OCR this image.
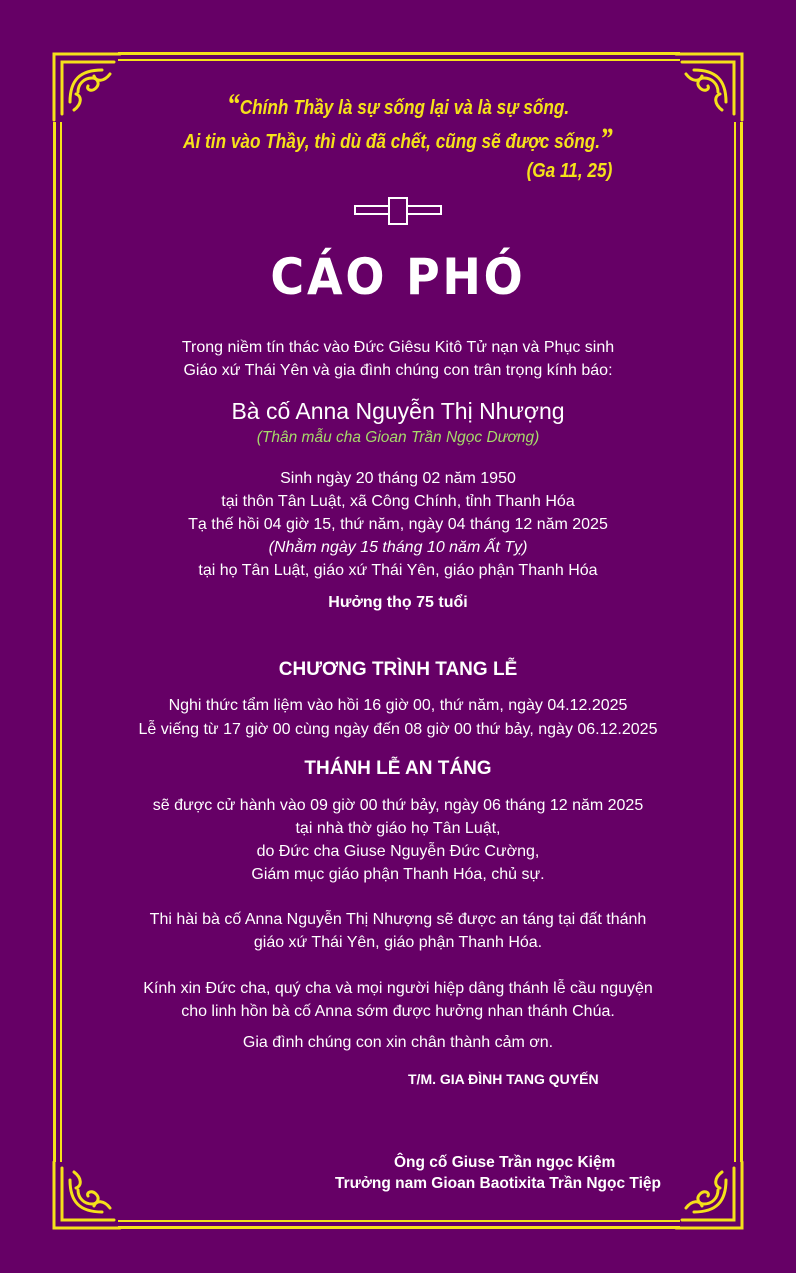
“Chính Thầy là sự sống lại và là sự sống.
Ai tin vào Thầy, thì dù đã chết, cũng sẽ được sống.”
(Ga 11, 25)
CÁO PHÓ
Trong niềm tín thác vào Đức Giêsu Kitô Tử nạn và Phục sinh
Giáo xứ Thái Yên và gia đình chúng con trân trọng kính báo:
Bà cố Anna Nguyễn Thị Nhượng
(Thân mẫu cha Gioan Trần Ngọc Dương)
Sinh ngày 20 tháng 02 năm 1950
tại thôn Tân Luật, xã Công Chính, tỉnh Thanh Hóa
Tạ thế hồi 04 giờ 15, thứ năm, ngày 04 tháng 12 năm 2025
(Nhằm ngày 15 tháng 10 năm Ất Tỵ)
tại họ Tân Luật, giáo xứ Thái Yên, giáo phận Thanh Hóa
Hưởng thọ 75 tuổi
CHƯƠNG TRÌNH TANG LỄ
Nghi thức tẩm liệm vào hồi 16 giờ 00, thứ năm, ngày 04.12.2025
Lễ viếng từ 17 giờ 00 cùng ngày đến 08 giờ 00 thứ bảy, ngày 06.12.2025
THÁNH LỄ AN TÁNG
sẽ được cử hành vào 09 giờ 00 thứ bảy, ngày 06 tháng 12 năm 2025
tại nhà thờ giáo họ Tân Luật,
do Đức cha Giuse Nguyễn Đức Cường,
Giám mục giáo phận Thanh Hóa, chủ sự.
Thi hài bà cố Anna Nguyễn Thị Nhượng sẽ được an táng tại đất thánh
giáo xứ Thái Yên, giáo phận Thanh Hóa.
Kính xin Đức cha, quý cha và mọi người hiệp dâng thánh lễ cầu nguyện
cho linh hồn bà cố Anna sớm được hưởng nhan thánh Chúa.
Gia đình chúng con xin chân thành cảm ơn.
T/M. GIA ĐÌNH TANG QUYẾN
Ông cố Giuse Trần ngọc Kiệm
Trưởng nam Gioan Baotixita Trần Ngọc Tiệp
